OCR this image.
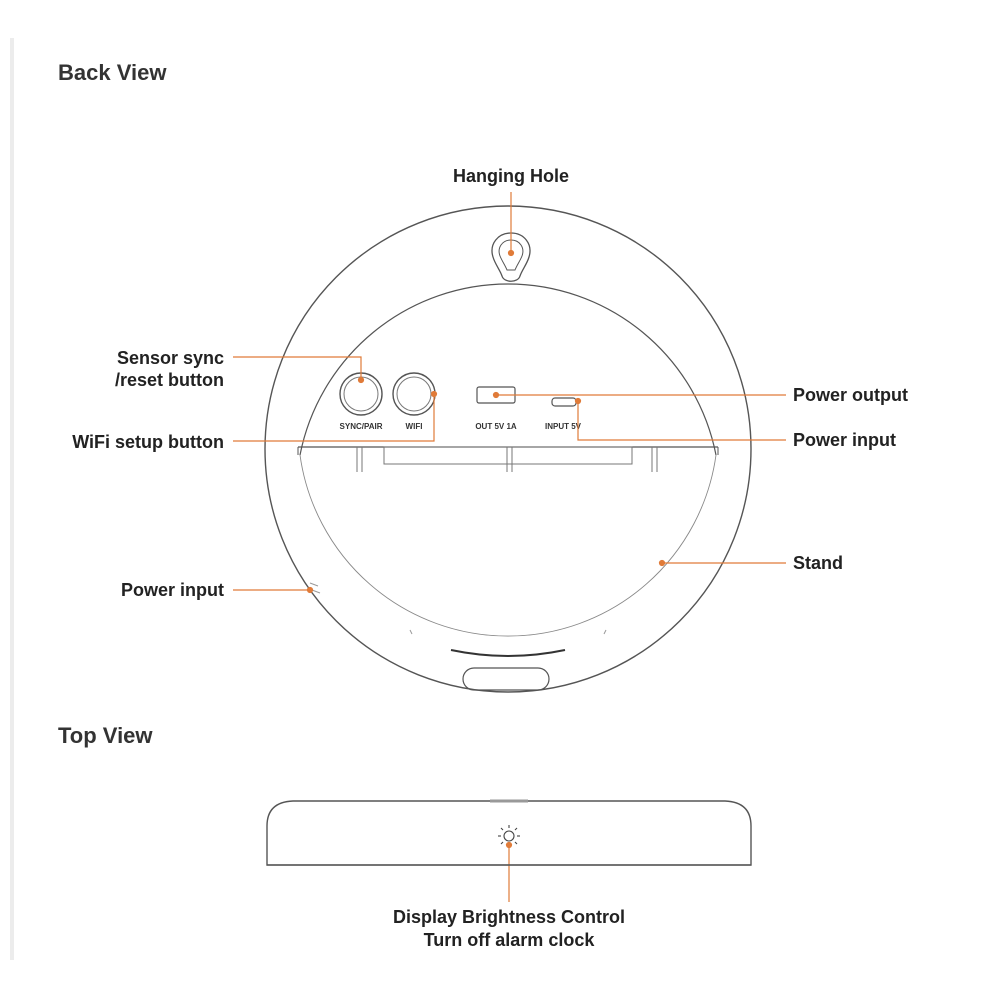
Back View
Top View
SYNC/PAIR	WIFI	OUT 5V 1A	INPUT 5V
Hanging Hole
Sensor sync
/reset button
WiFi setup button
Power output
Power input
Stand
Power input
Display Brightness Control
Turn off alarm clock
